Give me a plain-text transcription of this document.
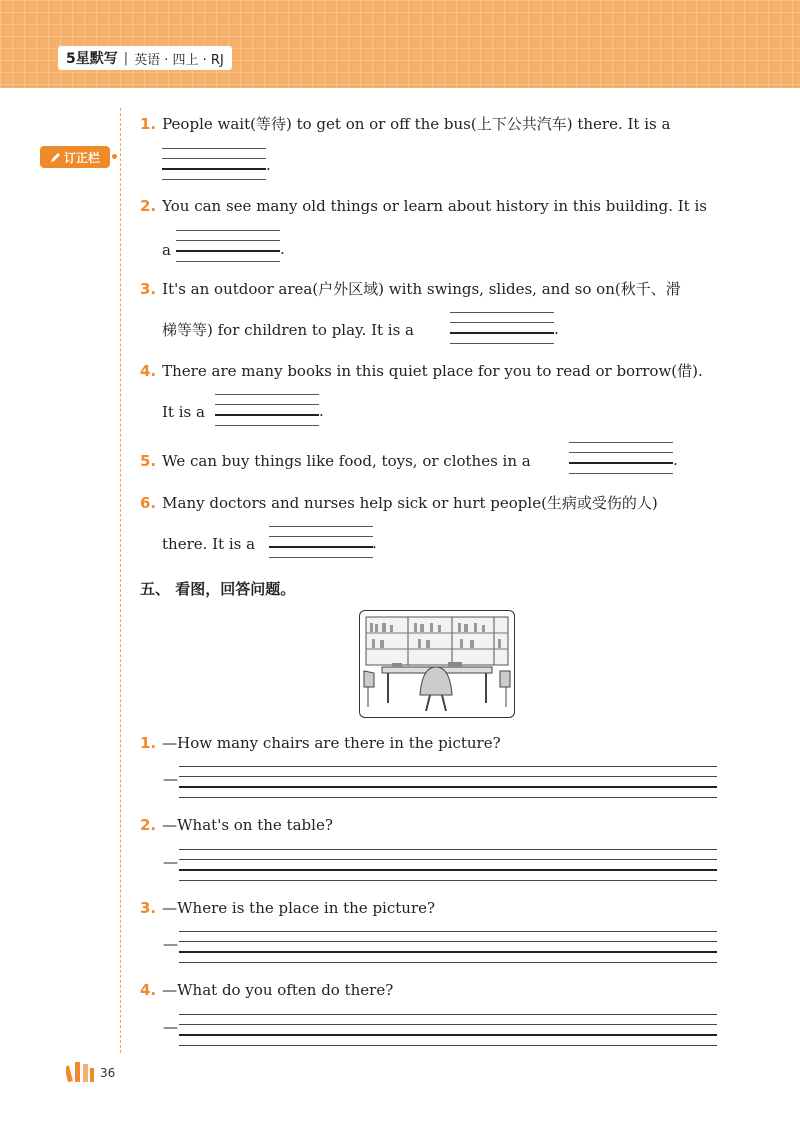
5星默写 | 英语 · 四上 · RJ
订正栏
1. People wait(等待) to get on or off the bus(上下公共汽车) there. It is a
.
2. You can see many old things or learn about history in this building. It is
a	.
3. It's an outdoor area(户外区域) with swings, slides, and so on(秋千、滑
梯等等) for children to play. It is a	.
4. There are many books in this quiet place for you to read or borrow(借).
It is a	.
5. We can buy things like food, toys, or clothes in a	.
6. Many doctors and nurses help sick or hurt people(生病或受伤的人)
there. It is a	.
五、 看图，回答问题。
1. —How many chairs are there in the picture?
—
2. —What's on the table?
—
3. —Where is the place in the picture?
—
4. —What do you often do there?
—
36
